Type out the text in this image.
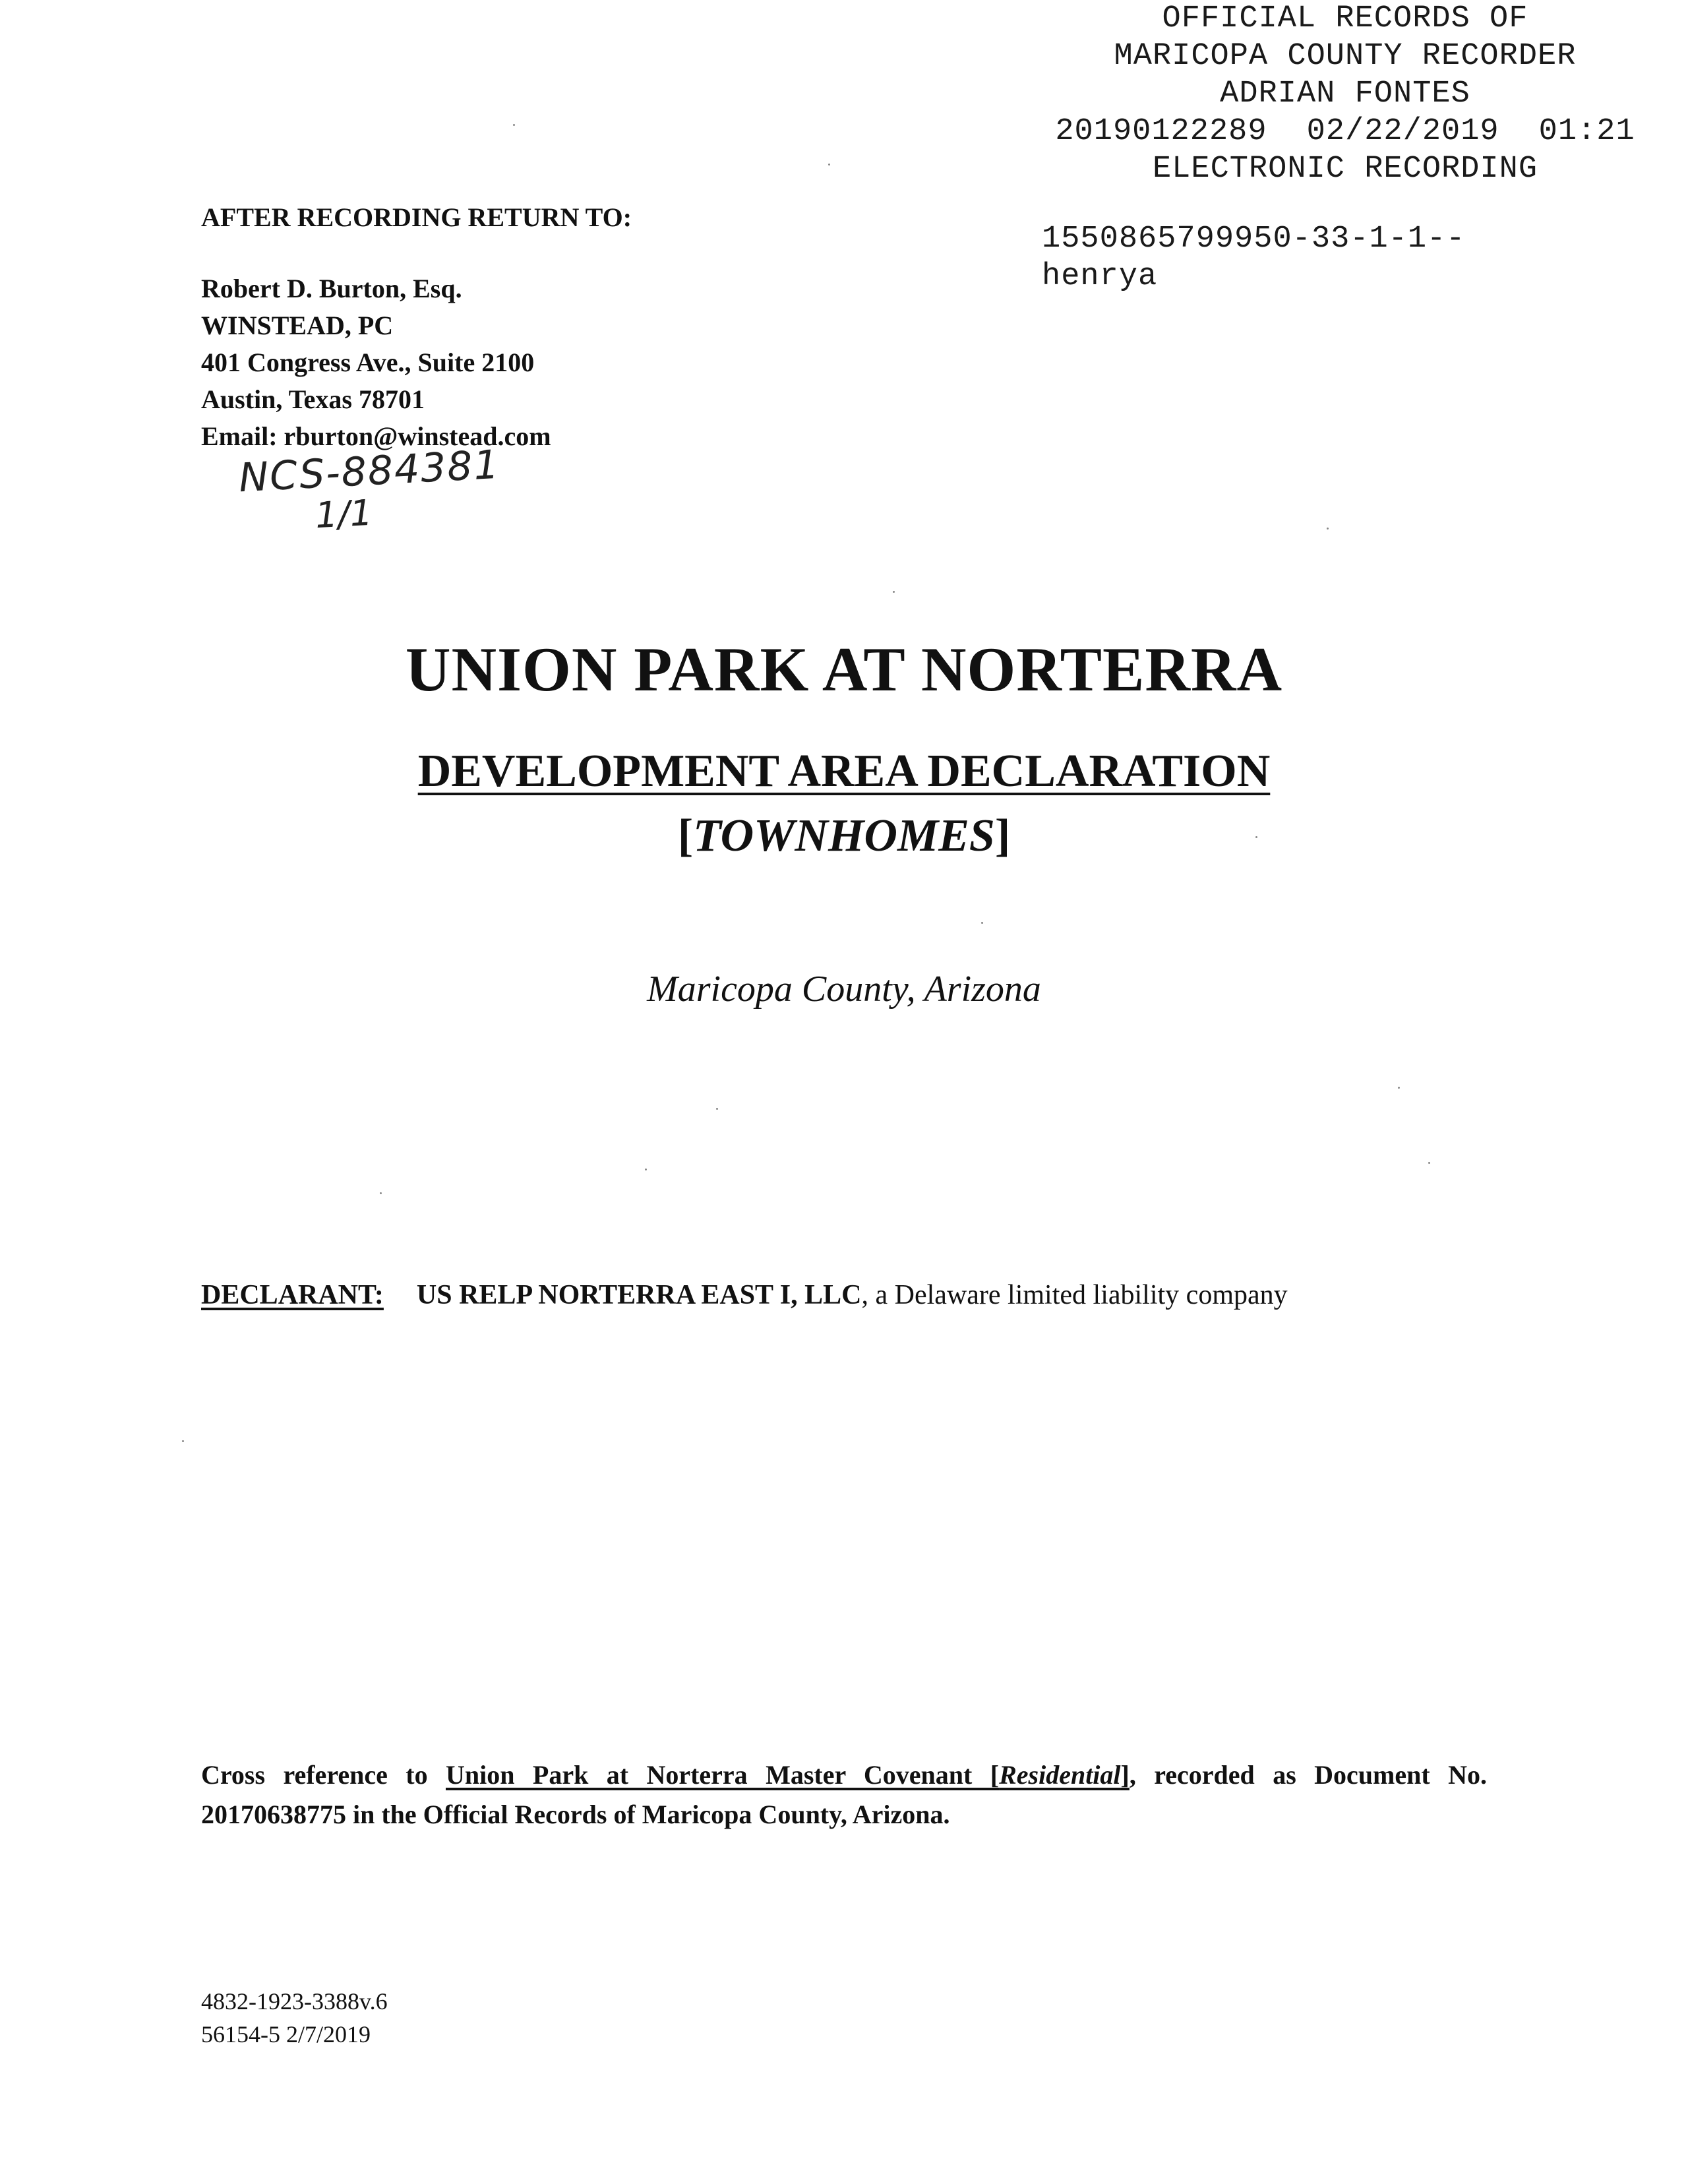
OFFICIAL RECORDS OF
MARICOPA COUNTY RECORDER
ADRIAN FONTES
20190122289 02/22/2019 01:21
ELECTRONIC RECORDING
1550865799950-33-1-1--
henrya
AFTER RECORDING RETURN TO:
Robert D. Burton, Esq.
WINSTEAD, PC
401 Congress Ave., Suite 2100
Austin, Texas 78701
Email: rburton@winstead.com
NCS-884381
1/1
UNION PARK AT NORTERRA
DEVELOPMENT AREA DECLARATION
[TOWNHOMES]
Maricopa County, Arizona
DECLARANT: US RELP NORTERRA EAST I, LLC, a Delaware limited liability company
Cross reference to Union Park at Norterra Master Covenant [Residential], recorded as Document No. 20170638775 in the Official Records of Maricopa County, Arizona.
4832-1923-3388v.6
56154-5 2/7/2019
